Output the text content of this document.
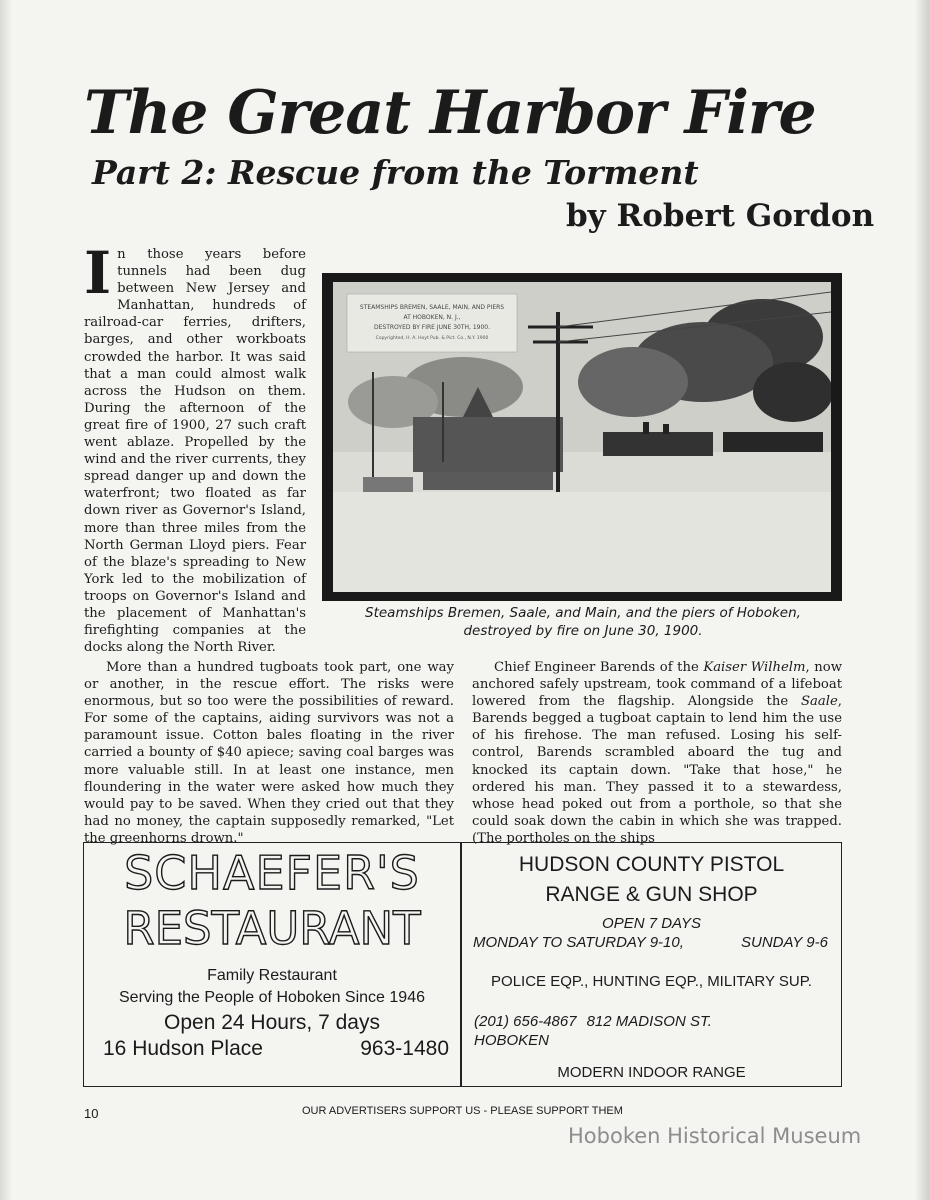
The Great Harbor Fire
Part 2: Rescue from the Torment
by Robert Gordon

In those years before tunnels had been dug between New Jersey and Manhattan, hundreds of railroad-car ferries, drifters, barges, and other workboats crowded the harbor. It was said that a man could almost walk across the Hudson on them. During the afternoon of the great fire of 1900, 27 such craft went ablaze. Propelled by the wind and the river currents, they spread danger up and down the waterfront; two floated as far down river as Governor's Island, more than three miles from the North German Lloyd piers. Fear of the blaze's spreading to New York led to the mobilization of troops on Governor's Island and the placement of Manhattan's firefighting companies at the docks along the North River.

STEAMSHIPS BREMEN, SAALE, MAIN, AND PIERS
AT HOBOKEN, N. J.,
DESTROYED BY FIRE JUNE 30TH, 1900.
Copyrighted, H. A. Hoyt Pub. & Pict. Co., N.Y. 1900
Steamships Bremen, Saale, and Main, and the piers of Hoboken,
destroyed by fire on June 30, 1900.

More than a hundred tugboats took part, one way or another, in the rescue effort. The risks were enormous, but so too were the possibilities of reward. For some of the captains, aiding survivors was not a paramount issue. Cotton bales floating in the river carried a bounty of $40 apiece; saving coal barges was more valuable still. In at least one instance, men floundering in the water were asked how much they would pay to be saved. When they cried out that they had no money, the captain supposedly remarked, "Let the greenhorns drown."

Chief Engineer Barends of the Kaiser Wilhelm, now anchored safely upstream, took command of a lifeboat lowered from the flagship. Alongside the Saale, Barends begged a tugboat captain to lend him the use of his firehose. The man refused. Losing his self-control, Barends scrambled aboard the tug and knocked its captain down. "Take that hose," he ordered his man. They passed it to a stewardess, whose head poked out from a porthole, so that she could soak down the cabin in which she was trapped. (The portholes on the ships

SCHAEFER'S

RESTAURANT

Family Restaurant

Serving the People of Hoboken Since 1946

Open 24 Hours, 7 days

16 Hudson Place	963-1480

HUDSON COUNTY PISTOL

RANGE & GUN SHOP

OPEN 7 DAYS

MONDAY TO SATURDAY 9-10,	SUNDAY 9-6

POLICE EQP., HUNTING EQP., MILITARY SUP.

(201) 656-4867 812 MADISON ST.
HOBOKEN

MODERN INDOOR RANGE

10	OUR ADVERTISERS SUPPORT US - PLEASE SUPPORT THEM

Hoboken Historical Museum
